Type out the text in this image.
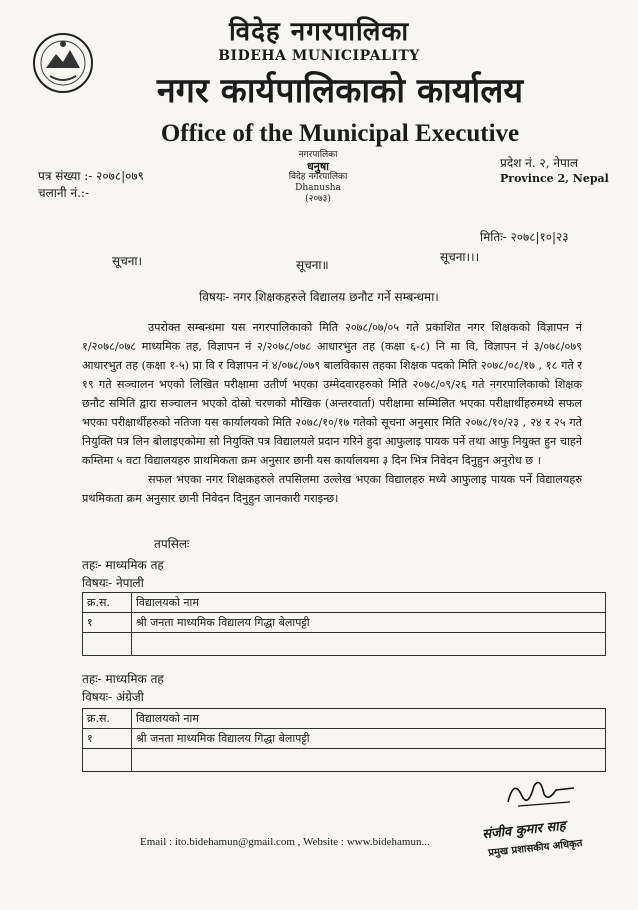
विदेह नगरपालिका
BIDEHA MUNICIPALITY
नगर कार्यपालिकाको कार्यालय
Office of the Municipal Executive
नगरपालिका
धनुषा
विदेह नगरपालिका
Dhanusha
(२०७३)
पत्र संख्या :- २०७८|०७९
चलानी नं.:-
प्रदेश नं. २, नेपाल
Province 2, Nepal
मितिः- २०७८|१०|२३
सूचना।	सूचना॥
सूचना।।।
विषयः- नगर शिक्षकहरुले विद्यालय छनौट गर्ने सम्बन्धमा।

उपरोक्त सम्बन्धमा यस नगरपालिकाको मिति २०७८/०७/०५ गते प्रकाशित नगर शिक्षकको विज्ञापन नं १/२०७८/०७८ माध्यमिक तह, विज्ञापन नं २/२०७८/०७८ आधारभुत तह (कक्षा ६-८) नि मा वि, विज्ञापन नं ३/०७८/०७९ आधारभुत तह (कक्षा १-५) प्रा वि र विज्ञापन नं ४/०७८/०७९ बालविकास तहका शिक्षक पदको मिति २०७८/०८/१७ , १८ गते र १९ गते सञ्चालन भएको लिखित परीक्षामा उतीर्ण भएका उम्मेदवारहरुको मिति २०७८/०९/२६ गते नगरपालिकाको शिक्षक छनौट समिति द्वारा सञ्चालन भएको दोस्रो चरणको मौखिक (अन्तरवार्ता) परीक्षामा सम्मिलित भएका परीक्षार्थीहरुमध्ये सफल भएका परीक्षार्थीहरुको नतिजा यस कार्यालयको मिति २०७८/१०/१७ गतेको सूचना अनुसार मिति २०७८/१०/२३ , २४ र २५ गते नियुक्ति पत्र लिन बोलाइएकोमा सो नियुक्ति पत्र विद्यालयले प्रदान गरिने हुदा आफुलाइ पायक पर्ने तथा आफु नियुक्त हुन चाहने कम्तिमा ५ वटा विद्यालयहरु प्राथमिकता क्रम अनुसार छानी यस कार्यालयमा ३ दिन भित्र निवेदन दिनुहुन अनुरोध छ ।

सफल भएका नगर शिक्षकहरुले तपसिलमा उल्लेख भएका विद्यालहरु मध्ये आफुलाइ पायक पर्ने विद्यालयहरु प्रथमिकता क्रम अनुसार छानी निवेदन दिनुहुन जानकारी गराइन्छ।

तपसिलः
तहः- माध्यमिक तह
विषयः- नेपाली
क्र.स.	विद्यालयको नाम
१	श्री जनता माध्यमिक विद्यालय गिद्धा बेलापट्टी

तहः- माध्यमिक तह
विषयः- अंग्रेजी
क्र.स.	विद्यालयको नाम
१	श्री जनता माध्यमिक विद्यालय गिद्धा बेलापट्टी

संजीव कुमार साह
प्रमुख प्रशासकीय अधिकृत
Email : ito.bidehamun@gmail.com , Website : www.bidehamun...
